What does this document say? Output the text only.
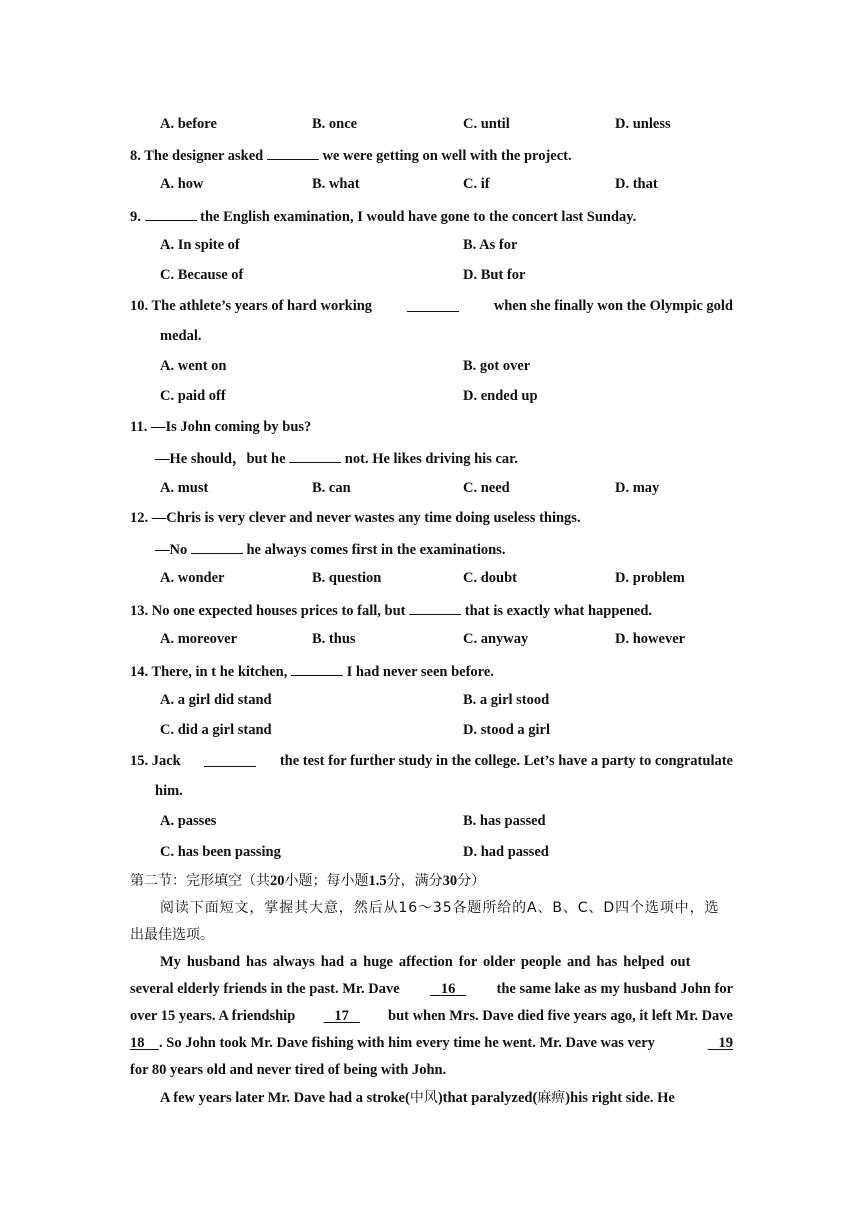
A. before	B. once	C. until	D. unless
8. The designer asked	we were getting on well with the project.
A. how	B. what	C. if	D. that
9.	the English examination, I would have gone to the concert last Sunday.
A. In spite of	B. As for
C. Because of	D. But for
10. The athlete’s years of hard working	when she finally won the Olympic gold
medal.
A. went on	B. got over
C. paid off	D. ended up
11. —Is John coming by bus?
—He should，but he	not. He likes driving his car.
A. must	B. can	C. need	D. may
12. —Chris is very clever and never wastes any time doing useless things.
—No	he always comes first in the examinations.
A. wonder	B. question	C. doubt	D. problem
13. No one expected houses prices to fall, but	that is exactly what happened.
A. moreover	B. thus	C. anyway	D. however
14. There, in t he kitchen,	I had never seen before.
A. a girl did stand	B. a girl stood
C. did a girl stand	D. stood a girl
15. Jack	the test for further study in the college. Let’s have a party to congratulate
him.
A. passes	B. has passed
C. has been passing	D. had passed
第二节：完形填空（共20小题；每小题1.5分，满分30分）
阅读下面短文，掌握其大意，然后从16～35各题所给的A、B、C、D四个选项中，选
出最佳选项。
My husband has always had a huge affection for older people and has helped out
several elderly friends in the past. Mr. Dave	16	the same lake as my husband John for
over 15 years. A friendship	17	but when Mrs. Dave died five years ago, it left Mr. Dave
18	. So John took Mr. Dave fishing with him every time he went. Mr. Dave was very	19
for 80 years old and never tired of being with John.
A few years later Mr. Dave had a stroke(中风)that paralyzed(麻痹)his right side. He
